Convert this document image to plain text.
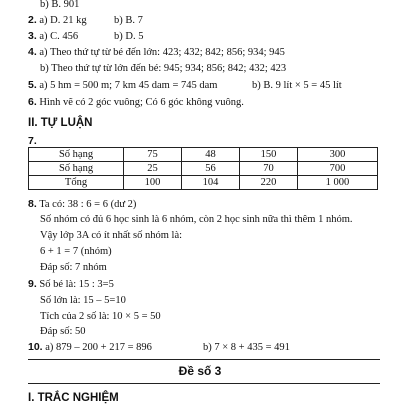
b) B. 901
2. a) D. 21 kg	b) B. 7
3. a) C. 456	b) D. 5
4. a) Theo thứ tự từ bé đến lớn: 423; 432; 842; 856; 934; 945
b) Theo thứ tự từ lớn đến bé: 945; 934; 856; 842; 432; 423
5. a) 5 hm = 500 m; 7 km 45 dam = 745 dam	b) B. 9 lít × 5 = 45 lít
6. Hình vẽ có 2 góc vuông; Có 6 góc không vuông.
II. TỰ LUẬN
7.
Số hạng	75	48	150	300
Số hạng	25	56	70	700
Tổng	100	104	220	1 000
8. Ta có: 38 : 6 = 6 (dư 2)
Số nhóm có đủ 6 học sinh là 6 nhóm, còn 2 học sinh nữa thì thêm 1 nhóm.
Vậy lớp 3A có ít nhất số nhóm là:
6 + 1 = 7 (nhóm)
Đáp số: 7 nhóm
9. Số bé là: 15 : 3=5
Số lớn là: 15 – 5=10
Tích của 2 số là: 10 × 5 = 50
Đáp số: 50
10. a) 879 – 200 + 217 = 896	b) 7 × 8 + 435 = 491
Đề số 3
I. TRẮC NGHIỆM
